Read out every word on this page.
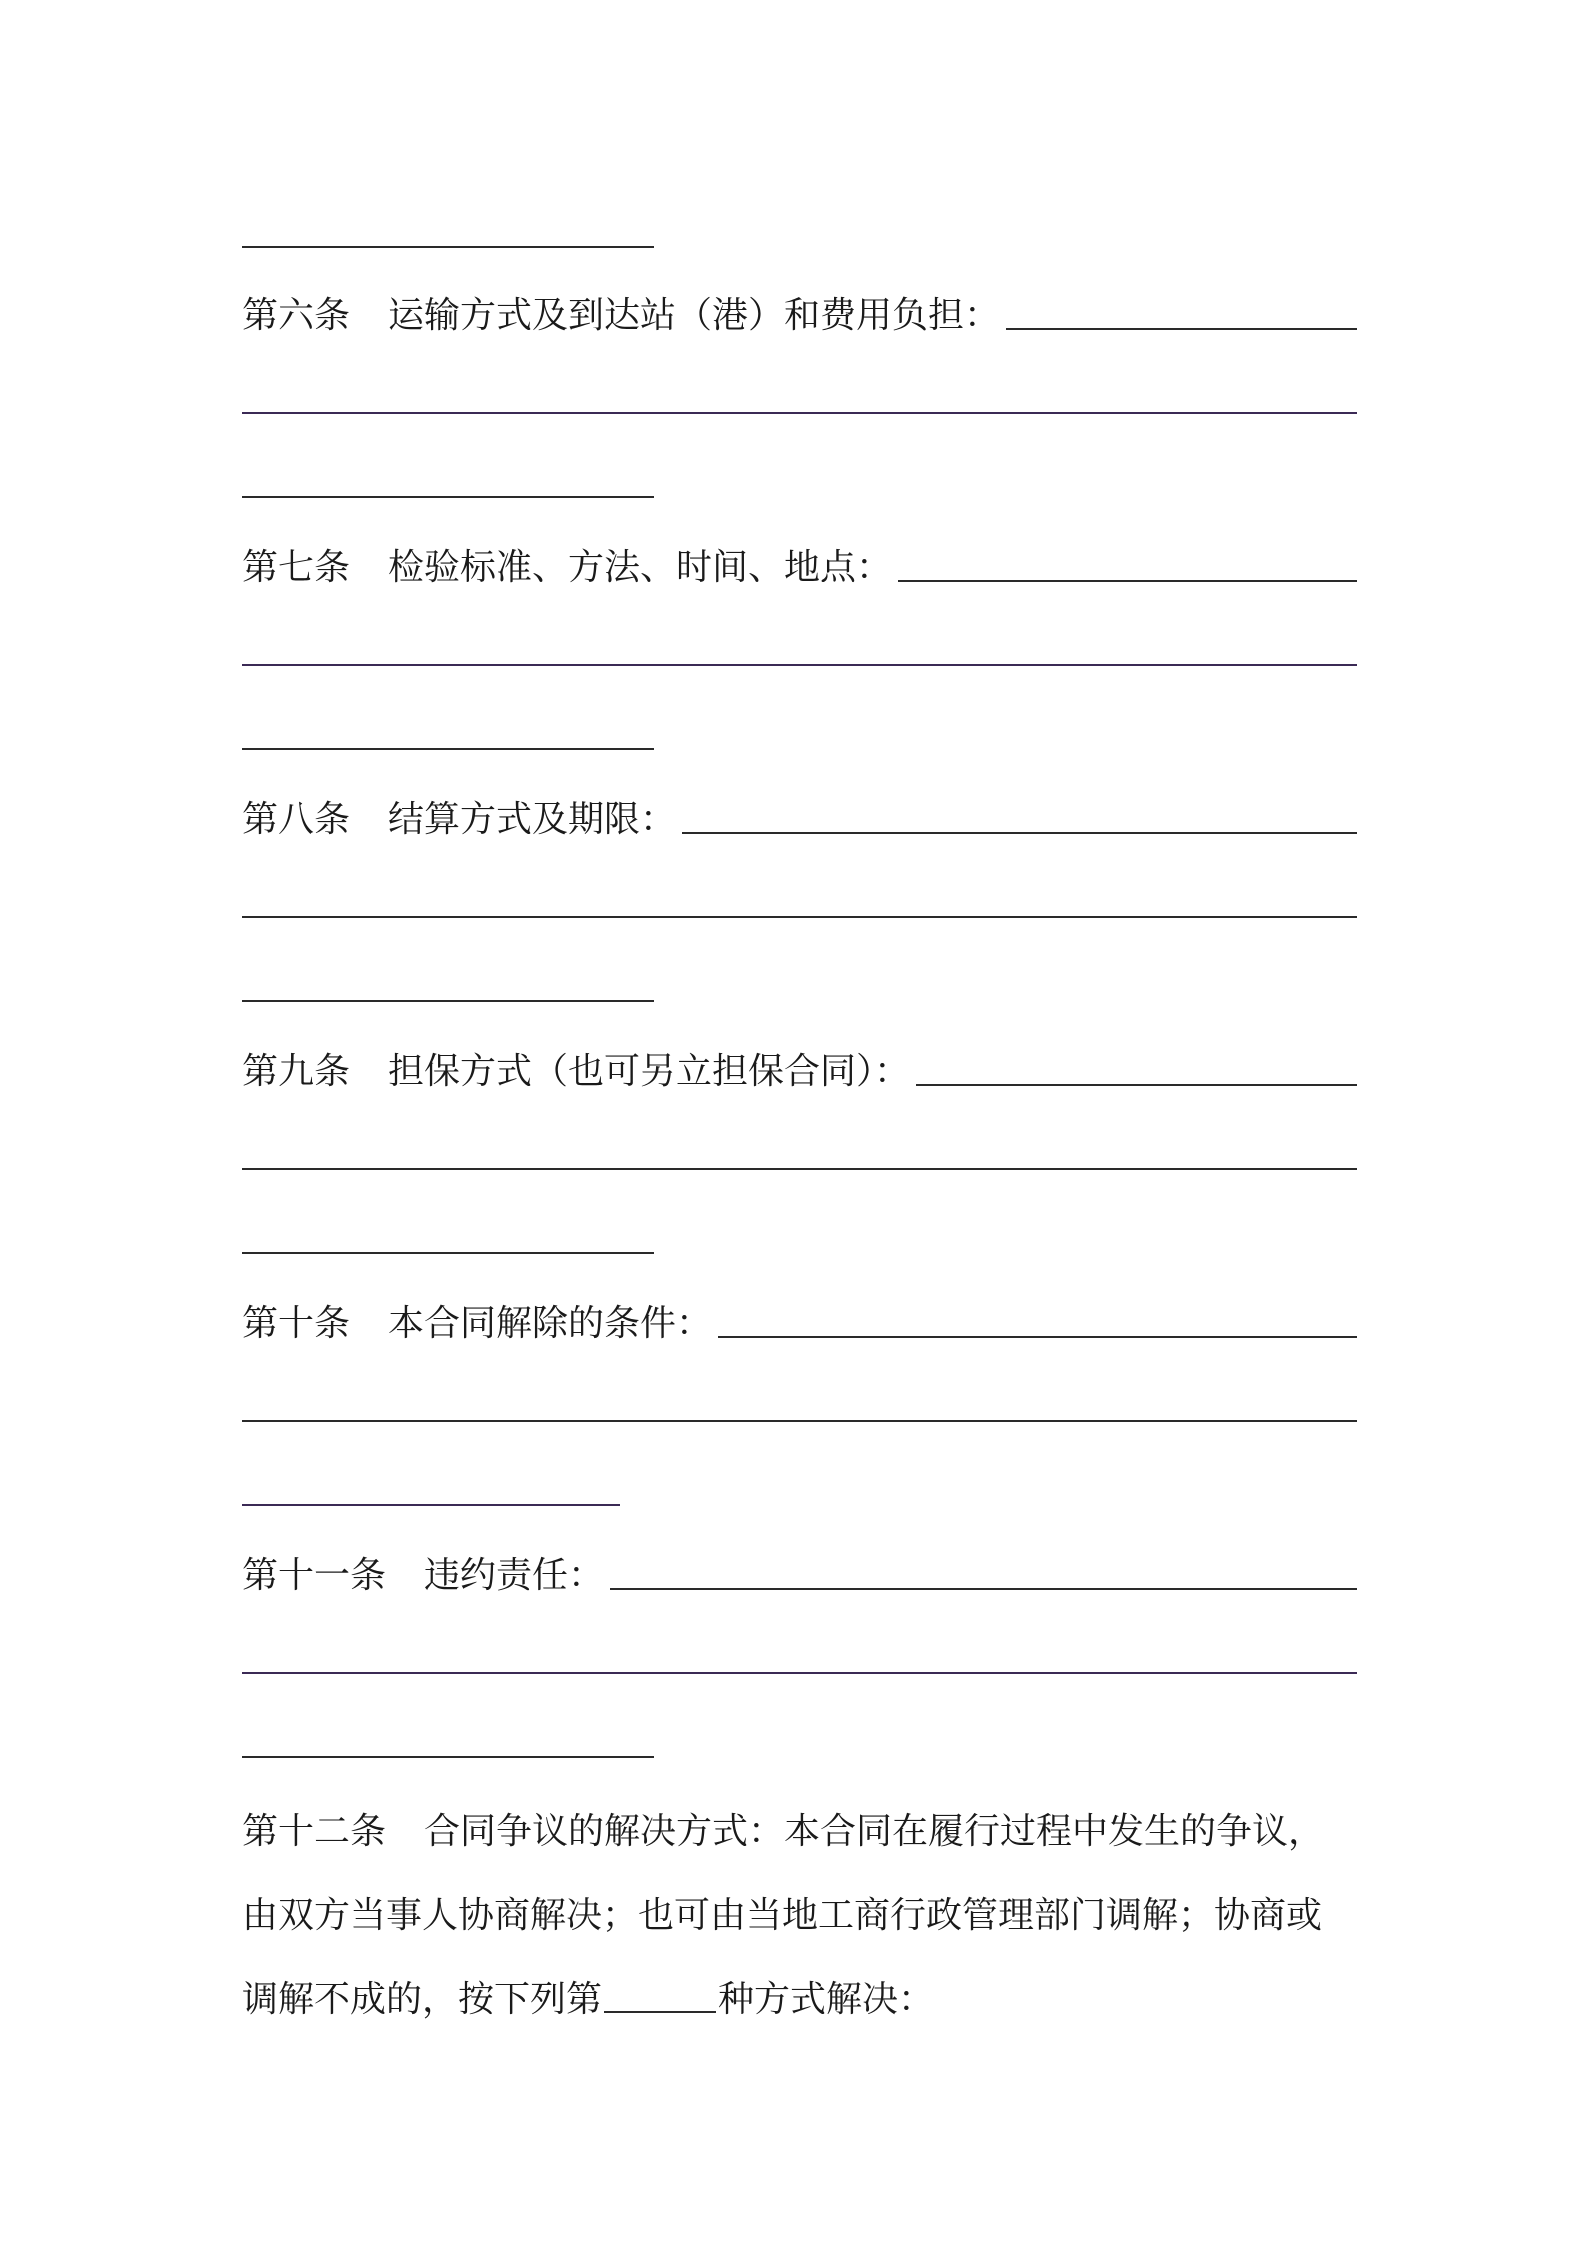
第六条 运输方式及到达站（港）和费用负担：
第七条 检验标准、方法、时间、地点：
第八条 结算方式及期限：
第九条 担保方式（也可另立担保合同）：
第十条 本合同解除的条件：
第十一条 违约责任：
第十二条 合同争议的解决方式：本合同在履行过程中发生的争议，
由双方当事人协商解决；也可由当地工商行政管理部门调解；协商或
调解不成的，按下列第	种方式解决：
